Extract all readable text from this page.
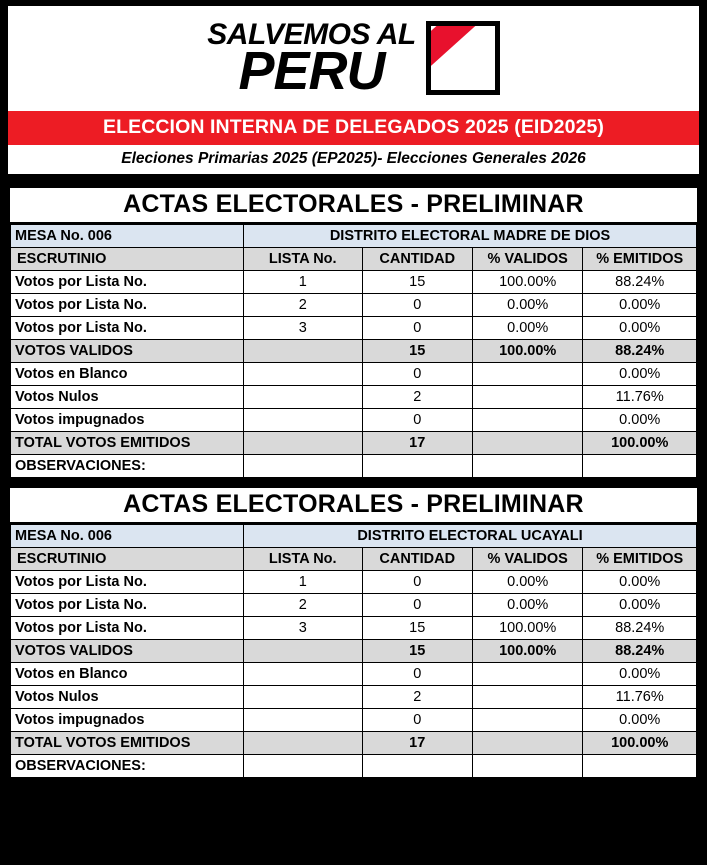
SALVEMOS AL
PERU
ELECCION INTERNA DE DELEGADOS 2025 (EID2025)
Eleciones Primarias 2025 (EP2025)- Elecciones Generales 2026
ACTAS ELECTORALES - PRELIMINAR
MESA No. 006	DISTRITO ELECTORAL MADRE DE DIOS			
ESCRUTINIO	LISTA No.	CANTIDAD	% VALIDOS	% EMITIDOS
Votos por Lista No.	1	15	100.00%	88.24%
Votos por Lista No.	2	0	0.00%	0.00%
Votos por Lista No.	3	0	0.00%	0.00%
VOTOS VALIDOS		15	100.00%	88.24%
Votos en Blanco		0		0.00%
Votos Nulos		2		11.76%
Votos impugnados		0		0.00%
TOTAL VOTOS EMITIDOS		17		100.00%
OBSERVACIONES:				
ACTAS ELECTORALES - PRELIMINAR
MESA No. 006	DISTRITO ELECTORAL UCAYALI			
ESCRUTINIO	LISTA No.	CANTIDAD	% VALIDOS	% EMITIDOS
Votos por Lista No.	1	0	0.00%	0.00%
Votos por Lista No.	2	0	0.00%	0.00%
Votos por Lista No.	3	15	100.00%	88.24%
VOTOS VALIDOS		15	100.00%	88.24%
Votos en Blanco		0		0.00%
Votos Nulos		2		11.76%
Votos impugnados		0		0.00%
TOTAL VOTOS EMITIDOS		17		100.00%
OBSERVACIONES:				
